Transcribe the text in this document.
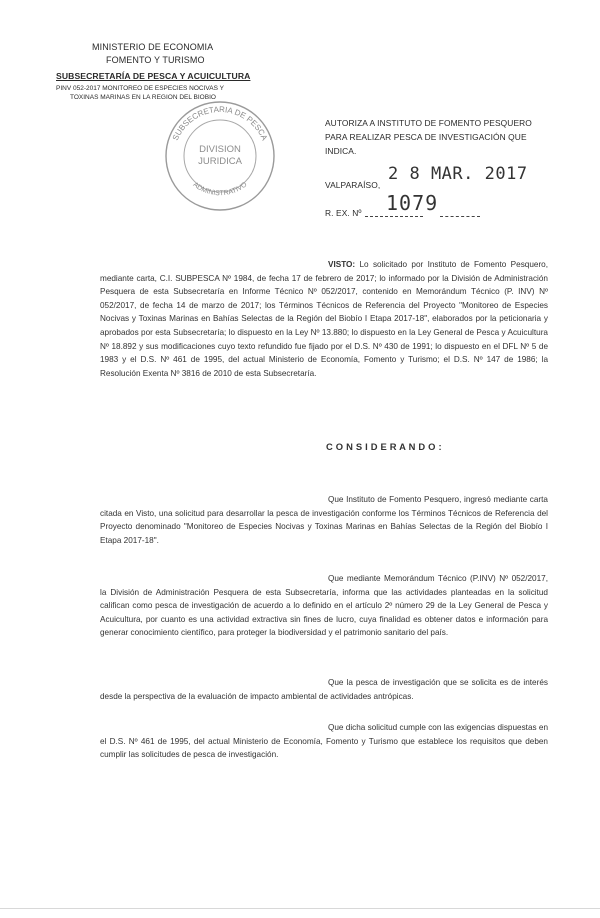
MINISTERIO DE ECONOMIA
FOMENTO Y TURISMO
SUBSECRETARÍA DE PESCA Y ACUICULTURA
PINV 052-2017 MONITOREO DE ESPECIES NOCIVAS Y
TOXINAS MARINAS EN LA REGION DEL BIOBIO
SUBSECRETARIA DE PESCA
ADMINISTRATIVO
DIVISION
JURIDICA
AUTORIZA A INSTITUTO DE FOMENTO PESQUERO
PARA REALIZAR PESCA DE INVESTIGACIÓN QUE
INDICA.
VALPARAÍSO,
2 8 MAR. 2017
R. EX. Nº 1079
VISTO: Lo solicitado por Instituto de Fomento Pesquero, mediante carta, C.I. SUBPESCA Nº 1984, de fecha 17 de febrero de 2017; lo informado por la División de Administración Pesquera de esta Subsecretaría en Informe Técnico Nº 052/2017, contenido en Memorándum Técnico (P. INV) Nº 052/2017, de fecha 14 de marzo de 2017; los Términos Técnicos de Referencia del Proyecto "Monitoreo de Especies Nocivas y Toxinas Marinas en Bahías Selectas de la Región del Biobío I Etapa 2017-18", elaborados por la peticionaria y aprobados por esta Subsecretaría; lo dispuesto en la Ley Nº 13.880; lo dispuesto en la Ley General de Pesca y Acuicultura Nº 18.892 y sus modificaciones cuyo texto refundido fue fijado por el D.S. Nº 430 de 1991; lo dispuesto en el DFL Nº 5 de 1983 y el D.S. Nº 461 de 1995, del actual Ministerio de Economía, Fomento y Turismo; el D.S. Nº 147 de 1986; la Resolución Exenta Nº 3816 de 2010 de esta Subsecretaría.
C O N S I D E R A N D O :
Que Instituto de Fomento Pesquero, ingresó mediante carta citada en Visto, una solicitud para desarrollar la pesca de investigación conforme los Términos Técnicos de Referencia del Proyecto denominado "Monitoreo de Especies Nocivas y Toxinas Marinas en Bahías Selectas de la Región del Biobío I Etapa 2017-18".
Que mediante Memorándum Técnico (P.INV) Nº 052/2017, la División de Administración Pesquera de esta Subsecretaría, informa que las actividades planteadas en la solicitud califican como pesca de investigación de acuerdo a lo definido en el artículo 2º número 29 de la Ley General de Pesca y Acuicultura, por cuanto es una actividad extractiva sin fines de lucro, cuya finalidad es obtener datos e información para generar conocimiento científico, para proteger la biodiversidad y el patrimonio sanitario del país.
Que la pesca de investigación que se solicita es de interés desde la perspectiva de la evaluación de impacto ambiental de actividades antrópicas.
Que dicha solicitud cumple con las exigencias dispuestas en el D.S. Nº 461 de 1995, del actual Ministerio de Economía, Fomento y Turismo que establece los requisitos que deben cumplir las solicitudes de pesca de investigación.
